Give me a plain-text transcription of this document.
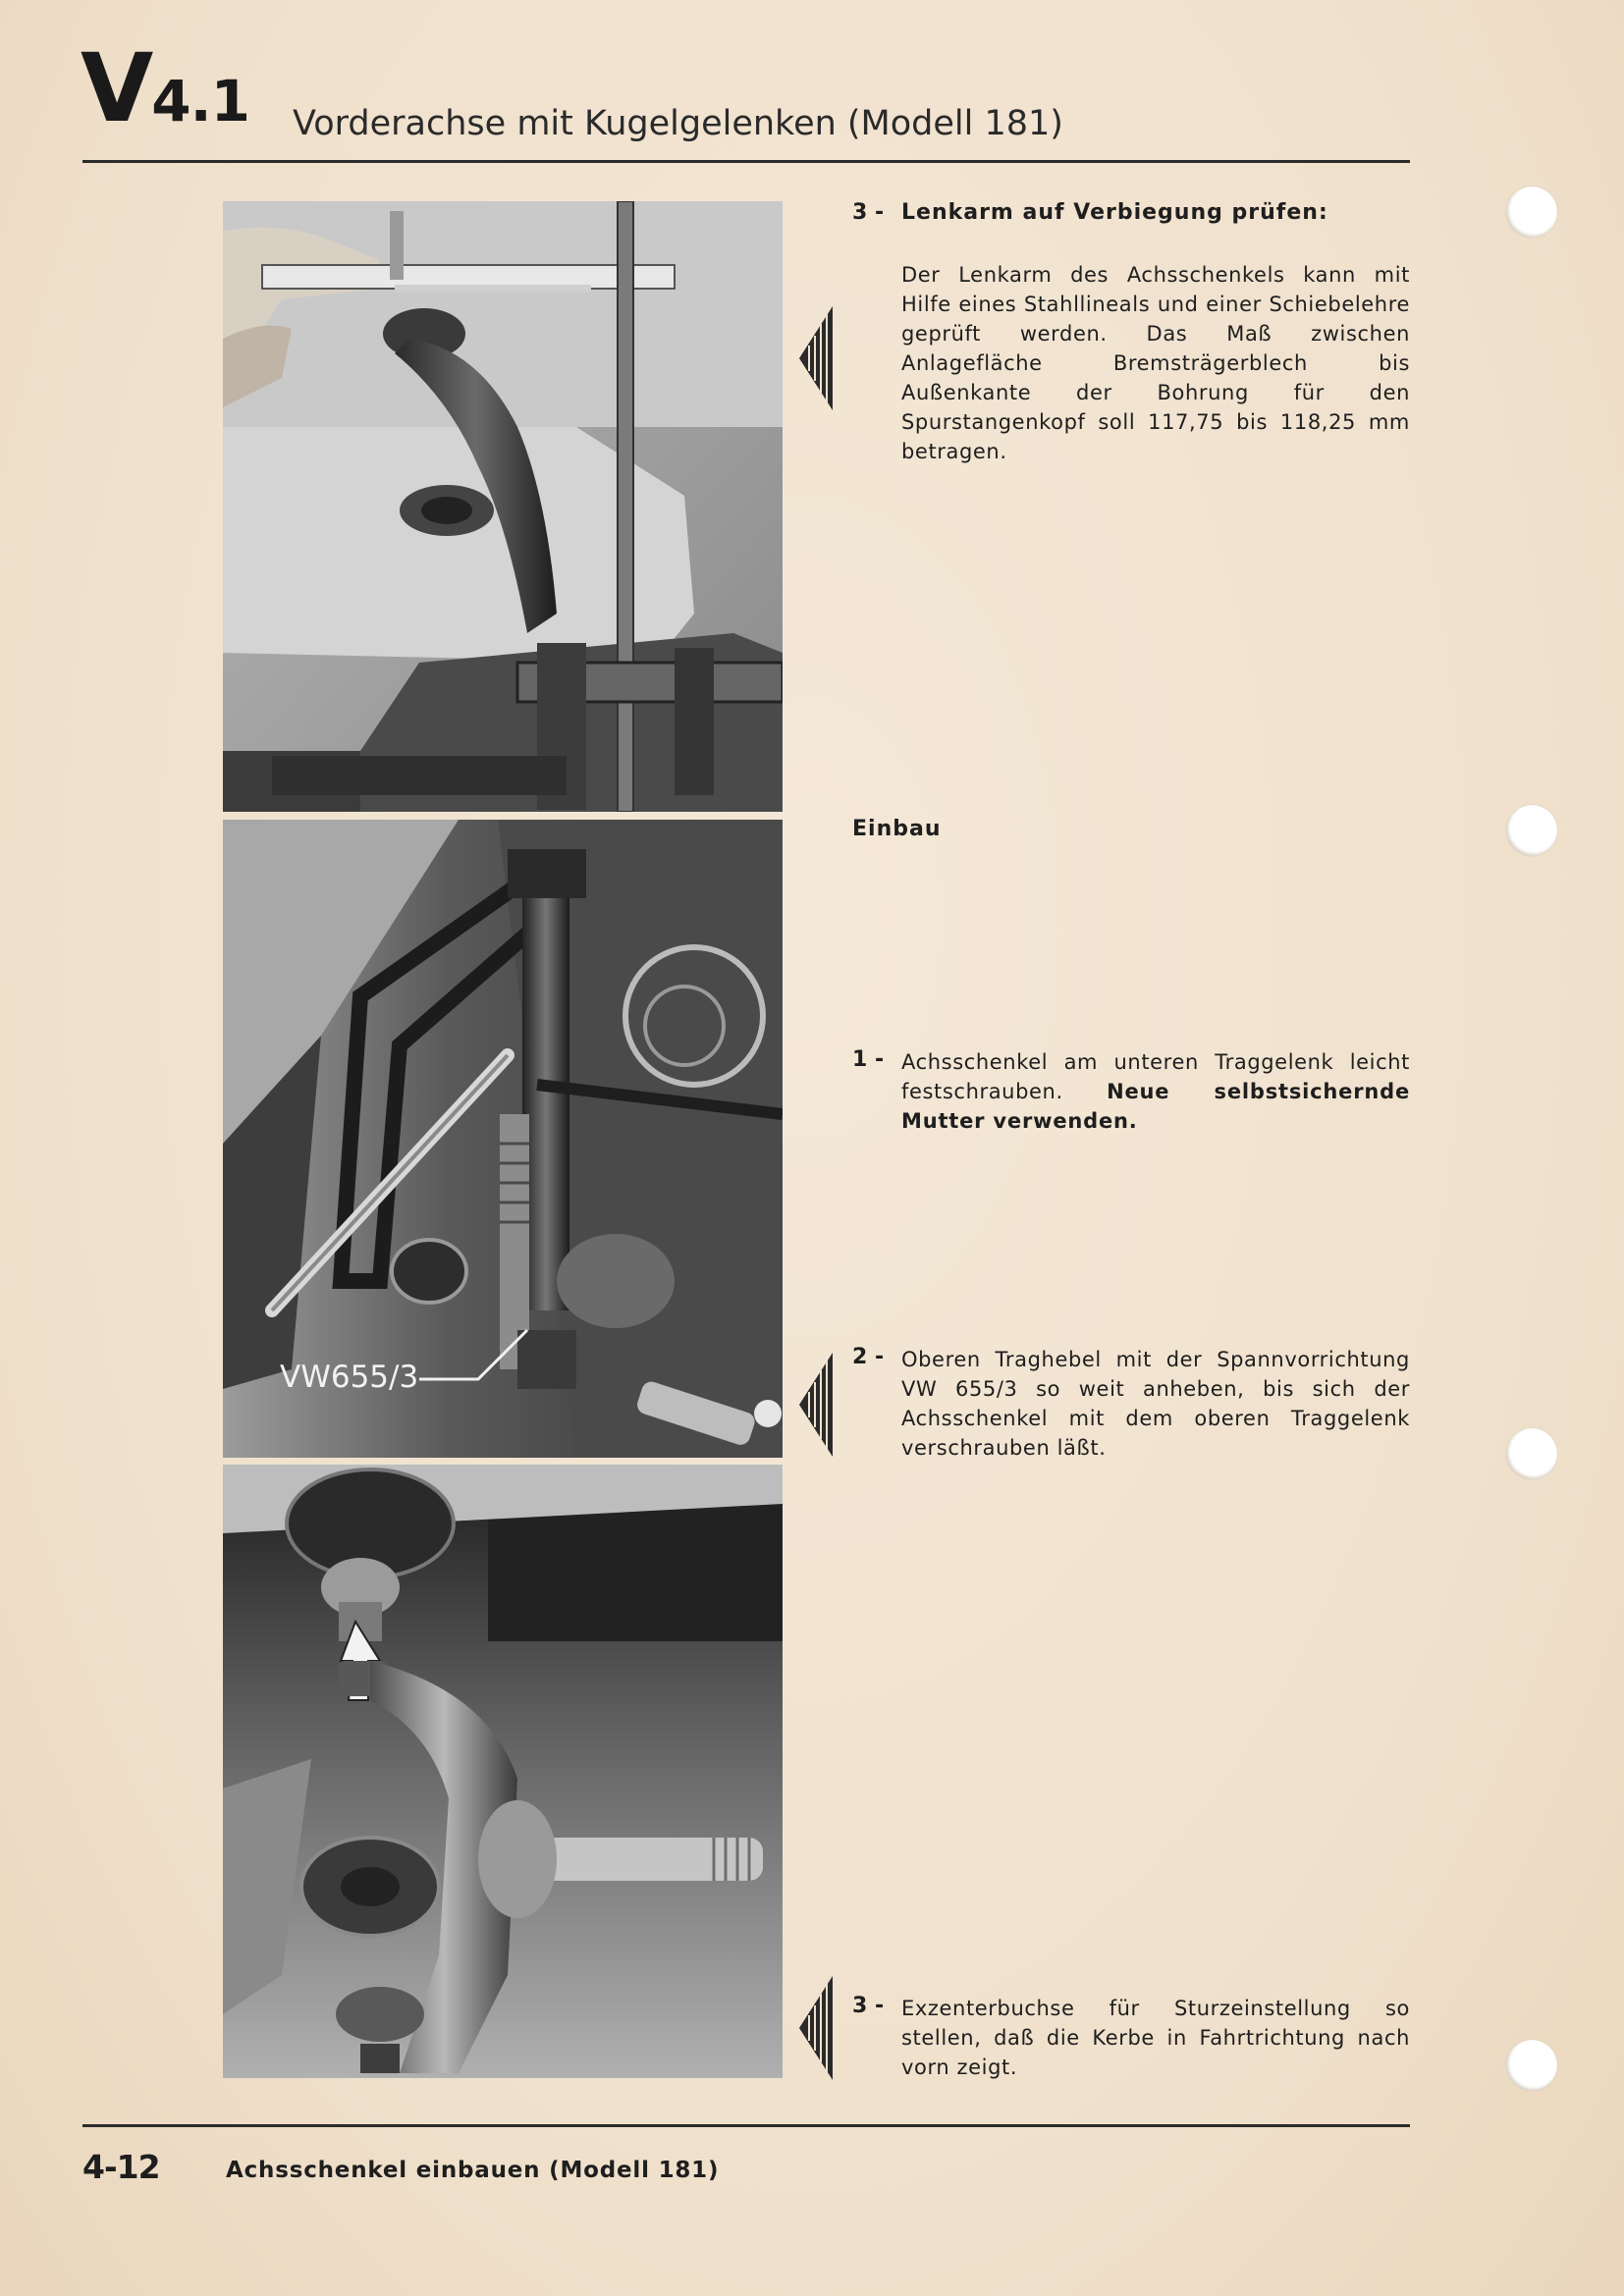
V4.1 Vorderachse mit Kugelgelenken (Modell 181)
VW655/3
3 - Lenkarm auf Verbiegung prüfen:
Der Lenkarm des Achsschenkels kann mit Hilfe eines Stahllineals und einer Schiebelehre geprüft werden. Das Maß zwischen Anlagefläche Bremsträgerblech bis Außenkante der Bohrung für den Spurstangenkopf soll 117,75 bis 118,25 mm betragen.
Einbau
1 - Achsschenkel am unteren Traggelenk leicht festschrauben. Neue selbstsichernde Mutter verwenden.
2 - Oberen Traghebel mit der Spannvorrichtung VW 655/3 so weit anheben, bis sich der Achsschenkel mit dem oberen Traggelenk verschrauben läßt.
3 - Exzenterbuchse für Sturzeinstellung so stellen, daß die Kerbe in Fahrtrichtung nach vorn zeigt.
4-12	Achsschenkel einbauen (Modell 181)
